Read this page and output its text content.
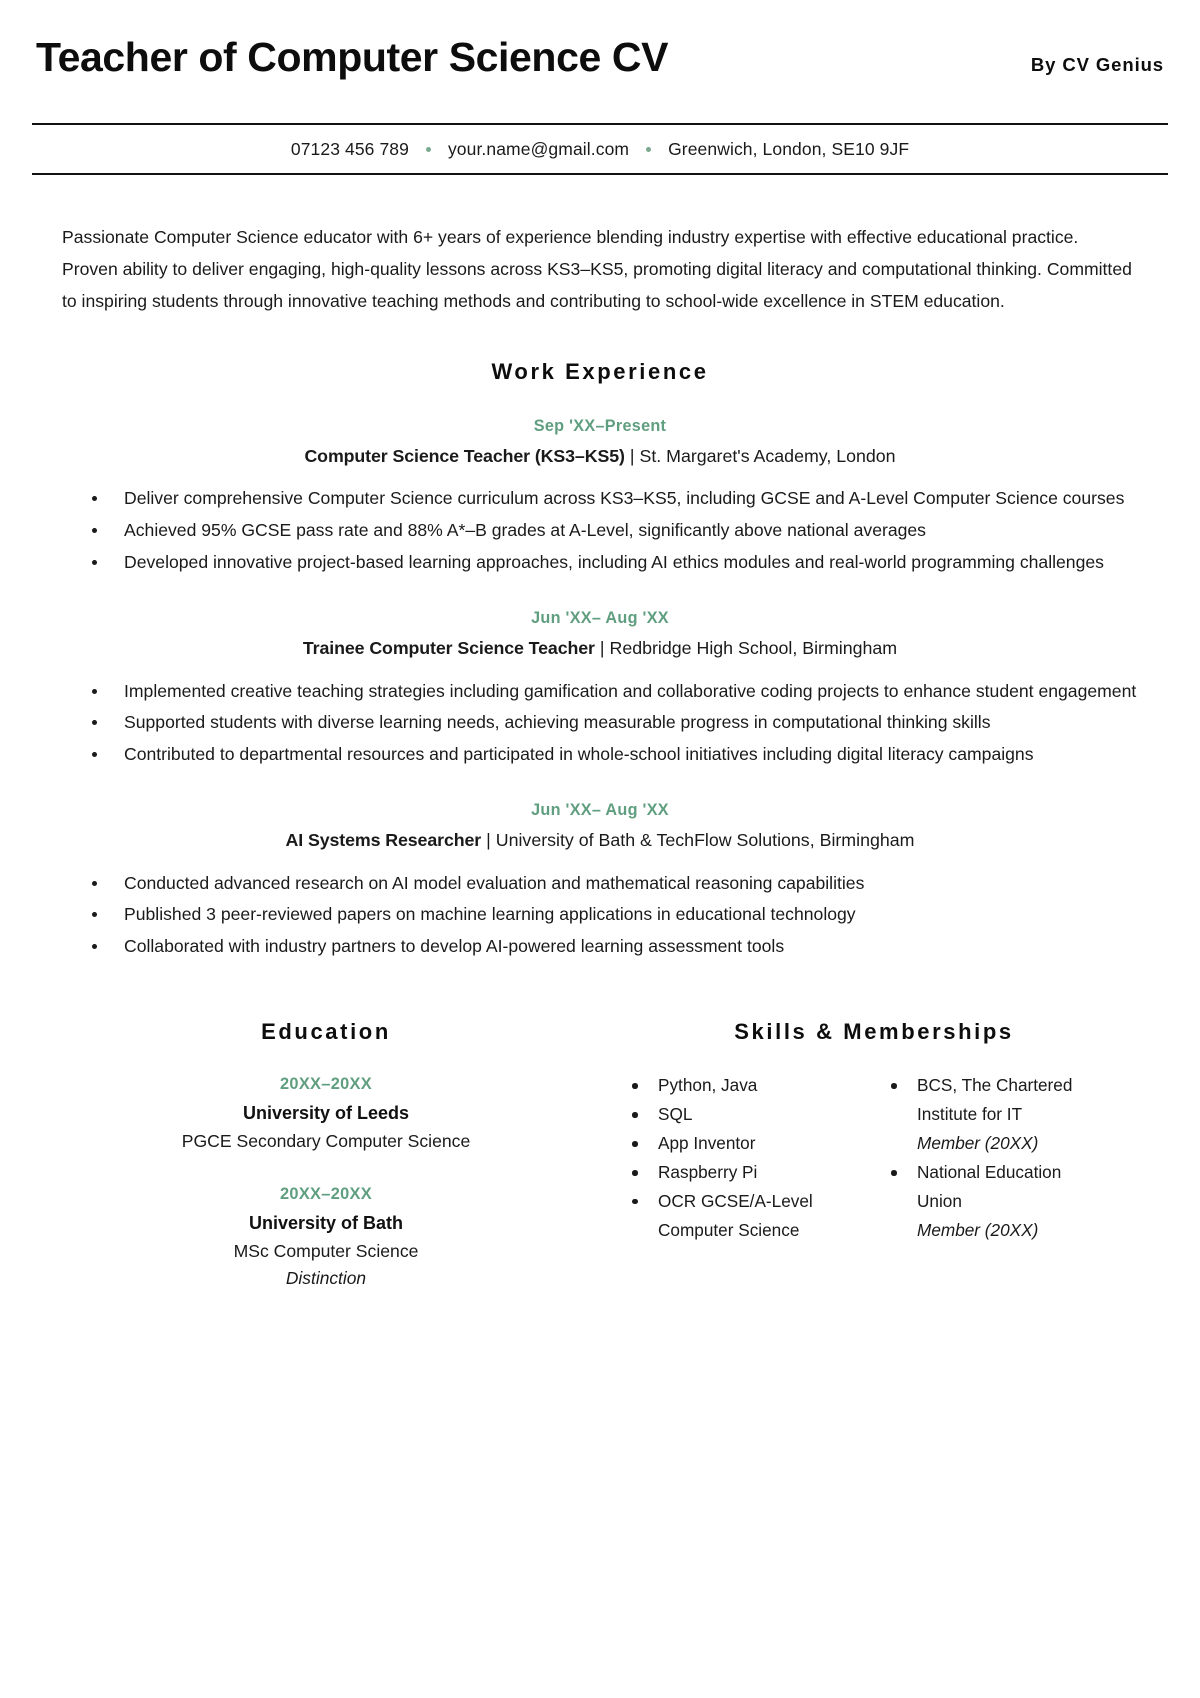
Teacher of Computer Science CV	By CV Genius
07123 456 789 your.name@gmail.com Greenwich, London, SE10 9JF

Passionate Computer Science educator with 6+ years of experience blending industry expertise with effective educational practice. Proven ability to deliver engaging, high-quality lessons across KS3–KS5, promoting digital literacy and computational thinking. Committed to inspiring students through innovative teaching methods and contributing to school-wide excellence in STEM education.

Work Experience
Sep 'XX–Present
Computer Science Teacher (KS3–KS5) | St. Margaret's Academy, London
Deliver comprehensive Computer Science curriculum across KS3–KS5, including GCSE and A-Level Computer Science courses
Achieved 95% GCSE pass rate and 88% A*–B grades at A-Level, significantly above national averages
Developed innovative project-based learning approaches, including AI ethics modules and real-world programming challenges
Jun 'XX– Aug 'XX
Trainee Computer Science Teacher | Redbridge High School, Birmingham
Implemented creative teaching strategies including gamification and collaborative coding projects to enhance student engagement
Supported students with diverse learning needs, achieving measurable progress in computational thinking skills
Contributed to departmental resources and participated in whole-school initiatives including digital literacy campaigns
Jun 'XX– Aug 'XX
AI Systems Researcher | University of Bath & TechFlow Solutions, Birmingham
Conducted advanced research on AI model evaluation and mathematical reasoning capabilities
Published 3 peer-reviewed papers on machine learning applications in educational technology
Collaborated with industry partners to develop AI-powered learning assessment tools
Education
20XX–20XX
University of Leeds
PGCE Secondary Computer Science
20XX–20XX
University of Bath
MSc Computer Science
Distinction
Skills & Memberships
Python, Java
SQL
App Inventor
Raspberry Pi
OCR GCSE/A-Level
Computer Science
BCS, The Chartered
Institute for IT
Member (20XX)
National Education
Union
Member (20XX)
